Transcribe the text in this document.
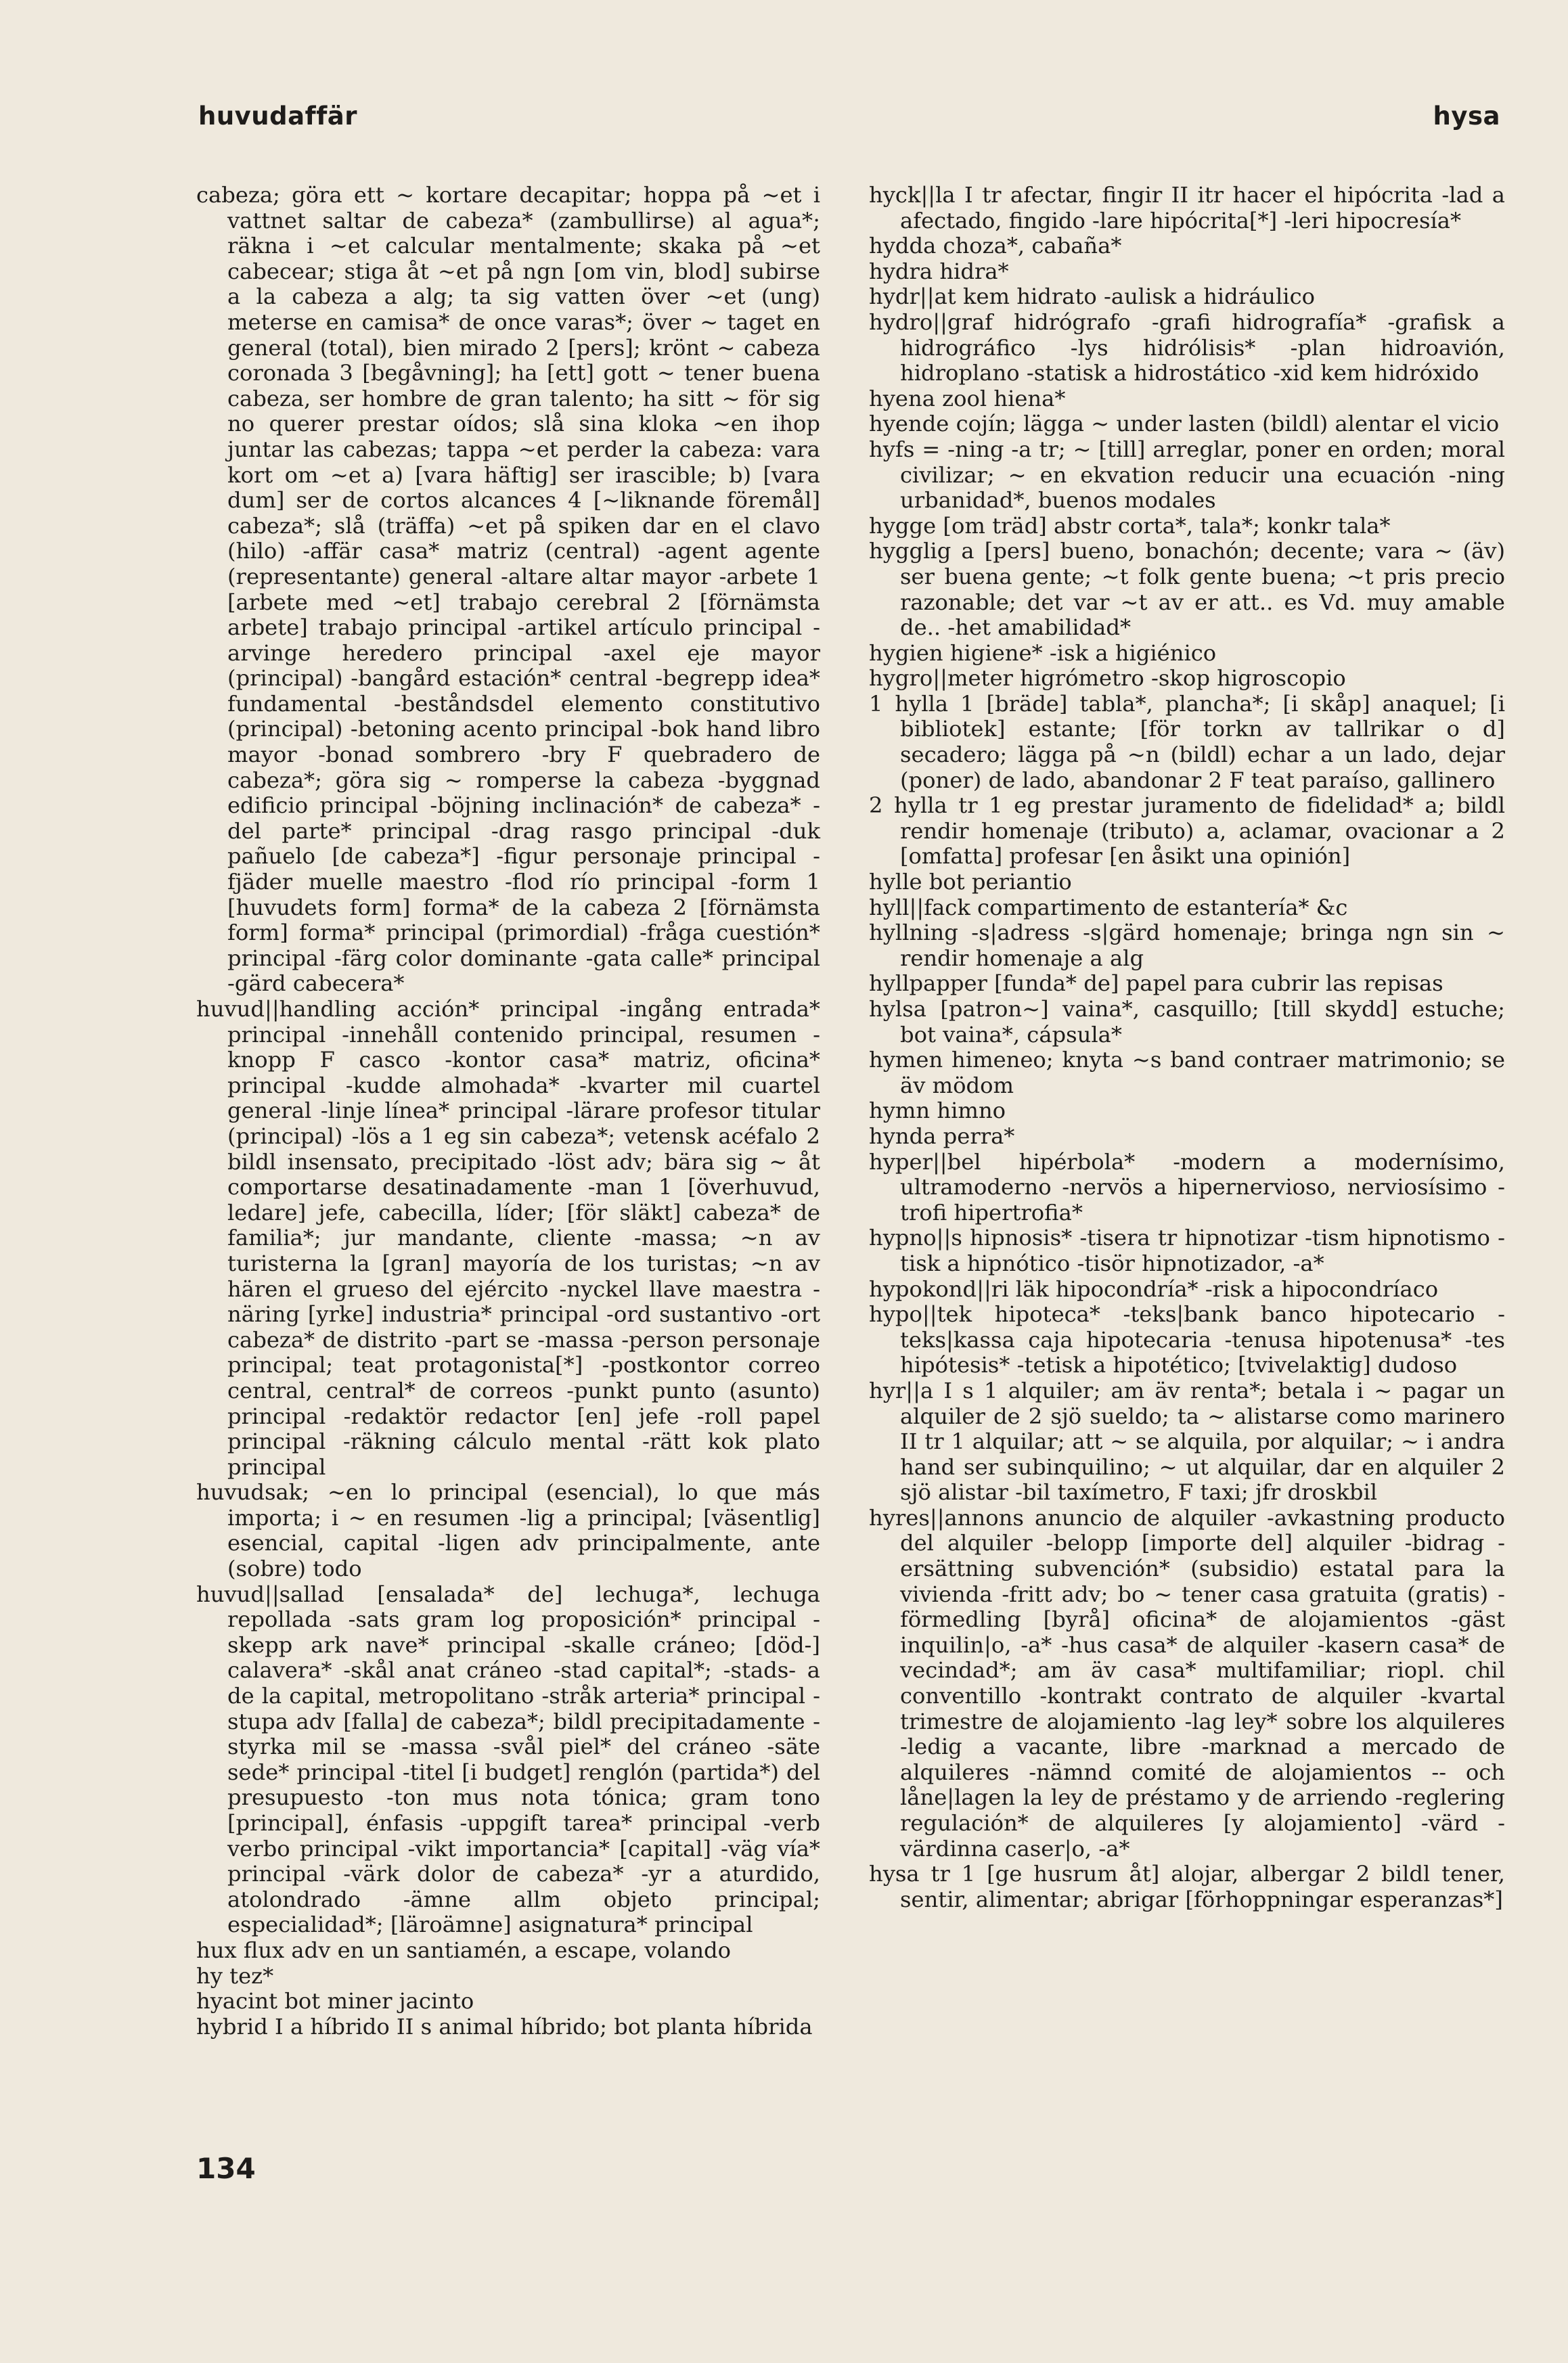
huvudaffär	hysa

cabeza; göra ett ~ kortare decapitar; hoppa på ~et i vattnet saltar de cabeza* (zambullirse) al agua*; räkna i ~et calcular mentalmente; skaka på ~et cabecear; stiga åt ~et på ngn [om vin, blod] subirse a la cabeza a alg; ta sig vatten över ~et (ung) meterse en camisa* de once varas*; över ~ taget en general (total), bien mirado 2 [pers]; krönt ~ cabeza coronada 3 [begåvning]; ha [ett] gott ~ tener buena cabeza, ser hombre de gran talento; ha sitt ~ för sig no querer prestar oídos; slå sina kloka ~en ihop juntar las cabezas; tappa ~et perder la cabeza: vara kort om ~et a) [vara häftig] ser irascible; b) [vara dum] ser de cortos alcances 4 [~liknande föremål] cabeza*; slå (träffa) ~et på spiken dar en el clavo (hilo) -affär casa* matriz (central) -agent agente (representante) general -altare altar mayor -arbete 1 [arbete med ~et] trabajo cerebral 2 [förnämsta arbete] trabajo principal -artikel artículo principal -arvinge heredero principal -axel eje mayor (principal) -bangård estación* central -begrepp idea* fundamental -beståndsdel elemento constitutivo (principal) -betoning acento principal -bok hand libro mayor -bonad sombrero -bry F quebradero de cabeza*; göra sig ~ romperse la cabeza -byggnad edificio principal -böjning inclinación* de cabeza* -del parte* principal -drag rasgo principal -duk pañuelo [de cabeza*] -figur personaje principal -fjäder muelle maestro -flod río principal -form 1 [huvudets form] forma* de la cabeza 2 [förnämsta form] forma* principal (primordial) -fråga cuestión* principal -färg color dominante -gata calle* principal -gärd cabecera*

huvud||handling acción* principal -ingång entrada* principal -innehåll contenido principal, resumen -knopp F casco -kontor casa* matriz, oficina* principal -kudde almohada* -kvarter mil cuartel general -linje línea* principal -lärare profesor titular (principal) -lös a 1 eg sin cabeza*; vetensk acéfalo 2 bildl insensato, precipitado -löst adv; bära sig ~ åt comportarse desatinadamente -man 1 [överhuvud, ledare] jefe, cabecilla, líder; [för släkt] cabeza* de familia*; jur mandante, cliente -massa; ~n av turisterna la [gran] mayoría de los turistas; ~n av hären el grueso del ejército -nyckel llave maestra -näring [yrke] industria* principal -ord sustantivo -ort cabeza* de distrito -part se -massa -person personaje principal; teat protagonista[*] -postkontor correo central, central* de correos -punkt punto (asunto) principal -redaktör redactor [en] jefe -roll papel principal -räkning cálculo mental -rätt kok plato principal

huvudsak; ~en lo principal (esencial), lo que más importa; i ~ en resumen -lig a principal; [väsentlig] esencial, capital -ligen adv principalmente, ante (sobre) todo

huvud||sallad [ensalada* de] lechuga*, lechuga repollada -sats gram log proposición* principal -skepp ark nave* principal -skalle cráneo; [död-] calavera* -skål anat cráneo -stad capital*; -stads- a de la capital, metropolitano -stråk arteria* principal -stupa adv [falla] de cabeza*; bildl precipitadamente -styrka mil se -massa -svål piel* del cráneo -säte sede* principal -titel [i budget] renglón (partida*) del presupuesto -ton mus nota tónica; gram tono [principal], énfasis -uppgift tarea* principal -verb verbo principal -vikt importancia* [capital] -väg vía* principal -värk dolor de cabeza* -yr a aturdido, atolondrado -ämne allm objeto principal; especialidad*; [läroämne] asignatura* principal

hux flux adv en un santiamén, a escape, volando

hy tez*

hyacint bot miner jacinto

hybrid I a híbrido II s animal híbrido; bot planta híbrida

hyck||la I tr afectar, fingir II itr hacer el hipócrita -lad a afectado, fingido -lare hipócrita[*] -leri hipocresía*

hydda choza*, cabaña*

hydra hidra*

hydr||at kem hidrato -aulisk a hidráulico

hydro||graf hidrógrafo -grafi hidrografía* -grafisk a hidrográfico -lys hidrólisis* -plan hidroavión, hidroplano -statisk a hidrostático -xid kem hidróxido

hyena zool hiena*

hyende cojín; lägga ~ under lasten (bildl) alentar el vicio

hyfs = -ning -a tr; ~ [till] arreglar, poner en orden; moral civilizar; ~ en ekvation reducir una ecuación -ning urbanidad*, buenos modales

hygge [om träd] abstr corta*, tala*; konkr tala*

hygglig a [pers] bueno, bonachón; decente; vara ~ (äv) ser buena gente; ~t folk gente buena; ~t pris precio razonable; det var ~t av er att.. es Vd. muy amable de.. -het amabilidad*

hygien higiene* -isk a higiénico

hygro||meter higrómetro -skop higroscopio

1 hylla 1 [bräde] tabla*, plancha*; [i skåp] anaquel; [i bibliotek] estante; [för torkn av tallrikar o d] secadero; lägga på ~n (bildl) echar a un lado, dejar (poner) de lado, abandonar 2 F teat paraíso, gallinero

2 hylla tr 1 eg prestar juramento de fidelidad* a; bildl rendir homenaje (tributo) a, aclamar, ovacionar a 2 [omfatta] profesar [en åsikt una opinión]

hylle bot periantio

hyll||fack compartimento de estantería* &c

hyllning -s|adress -s|gärd homenaje; bringa ngn sin ~ rendir homenaje a alg

hyllpapper [funda* de] papel para cubrir las repisas

hylsa [patron~] vaina*, casquillo; [till skydd] estuche; bot vaina*, cápsula*

hymen himeneo; knyta ~s band contraer matrimonio; se äv mödom

hymn himno

hynda perra*

hyper||bel hipérbola* -modern a modernísimo, ultramoderno -nervös a hipernervioso, nerviosísimo -trofi hipertrofia*

hypno||s hipnosis* -tisera tr hipnotizar -tism hipnotismo -tisk a hipnótico -tisör hipnotizador, -a*

hypokond||ri läk hipocondría* -risk a hipocondríaco

hypo||tek hipoteca* -teks|bank banco hipotecario -teks|kassa caja hipotecaria -tenusa hipotenusa* -tes hipótesis* -tetisk a hipotético; [tvivelaktig] dudoso

hyr||a I s 1 alquiler; am äv renta*; betala i ~ pagar un alquiler de 2 sjö sueldo; ta ~ alistarse como marinero II tr 1 alquilar; att ~ se alquila, por alquilar; ~ i andra hand ser subinquilino; ~ ut alquilar, dar en alquiler 2 sjö alistar -bil taxímetro, F taxi; jfr droskbil

hyres||annons anuncio de alquiler -avkastning producto del alquiler -belopp [importe del] alquiler -bidrag -ersättning subvención* (subsidio) estatal para la vivienda -fritt adv; bo ~ tener casa gratuita (gratis) -förmedling [byrå] oficina* de alojamientos -gäst inquilin|o, -a* -hus casa* de alquiler -kasern casa* de vecindad*; am äv casa* multifamiliar; riopl. chil conventillo -kontrakt contrato de alquiler -kvartal trimestre de alojamiento -lag ley* sobre los alquileres -ledig a vacante, libre -marknad a mercado de alquileres -nämnd comité de alojamientos -- och låne|lagen la ley de préstamo y de arriendo -reglering regulación* de alquileres [y alojamiento] -värd -värdinna caser|o, -a*

hysa tr 1 [ge husrum åt] alojar, albergar 2 bildl tener, sentir, alimentar; abrigar [förhoppningar esperanzas*]

134
